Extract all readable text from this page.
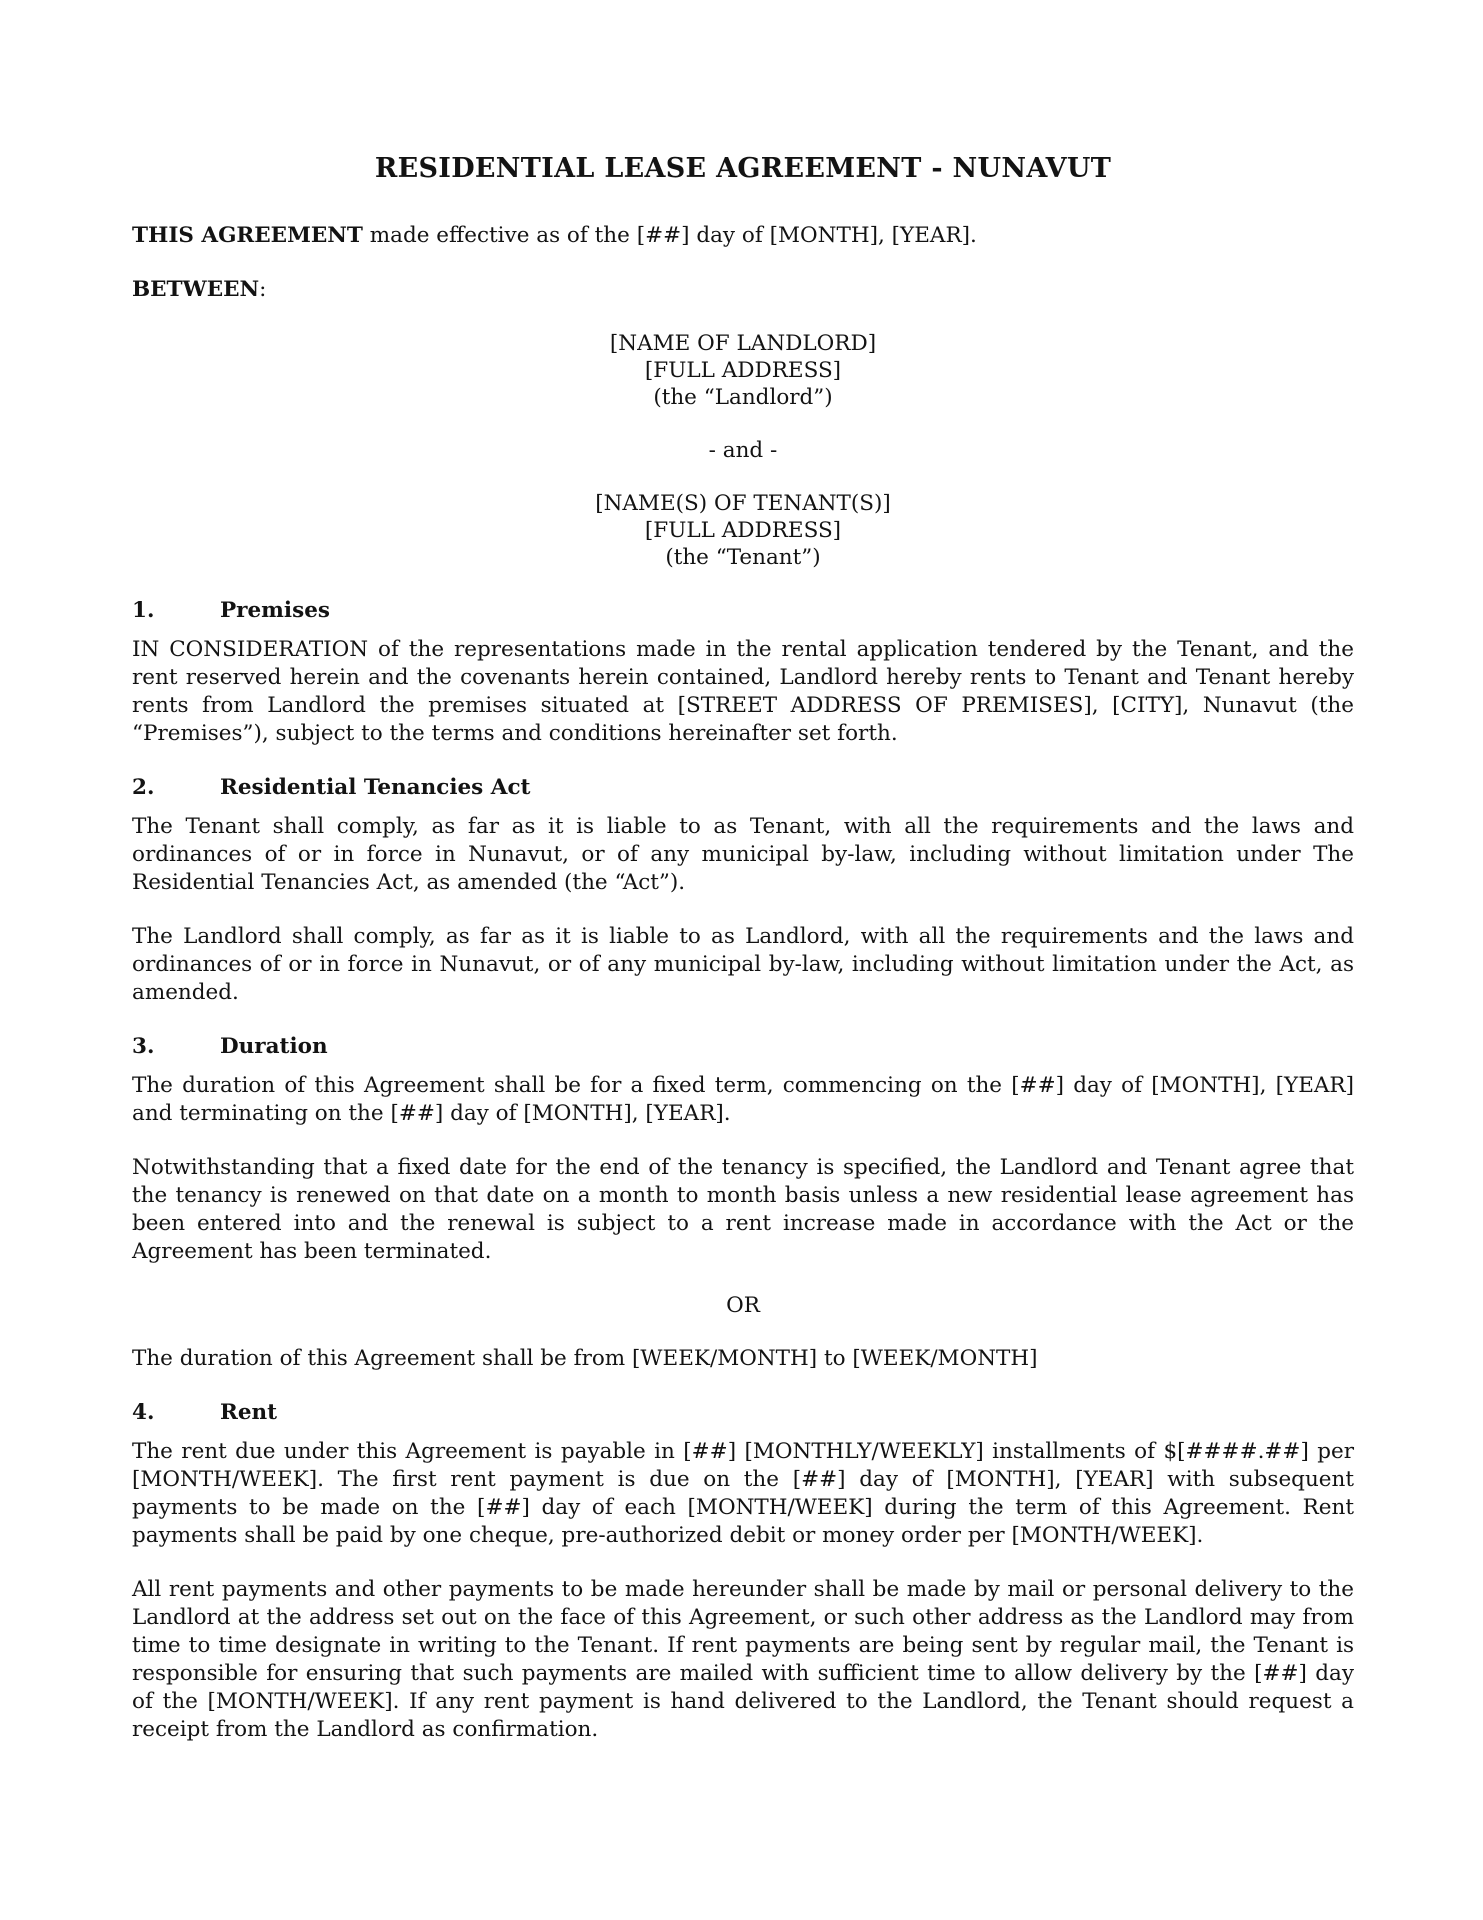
RESIDENTIAL LEASE AGREEMENT - NUNAVUT

THIS AGREEMENT made effective as of the [##] day of [MONTH], [YEAR].

BETWEEN:

[NAME OF LANDLORD]
[FULL ADDRESS]
(the “Landlord”)
- and -
[NAME(S) OF TENANT(S)]
[FULL ADDRESS]
(the “Tenant”)
1.	Premises

IN CONSIDERATION of the representations made in the rental application tendered by the Tenant, and the rent reserved herein and the covenants herein contained, Landlord hereby rents to Tenant and Tenant hereby rents from Landlord the premises situated at [STREET ADDRESS OF PREMISES], [CITY], Nunavut (the “Premises”), subject to the terms and conditions hereinafter set forth.

2.	Residential Tenancies Act

The Tenant shall comply, as far as it is liable to as Tenant, with all the requirements and the laws and ordinances of or in force in Nunavut, or of any municipal by-law, including without limitation under The Residential Tenancies Act, as amended (the “Act”).

The Landlord shall comply, as far as it is liable to as Landlord, with all the requirements and the laws and ordinances of or in force in Nunavut, or of any municipal by-law, including without limitation under the Act, as amended.

3.	Duration

The duration of this Agreement shall be for a fixed term, commencing on the [##] day of [MONTH], [YEAR] and terminating on the [##] day of [MONTH], [YEAR].

Notwithstanding that a fixed date for the end of the tenancy is specified, the Landlord and Tenant agree that the tenancy is renewed on that date on a month to month basis unless a new residential lease agreement has been entered into and the renewal is subject to a rent increase made in accordance with the Act or the Agreement has been terminated.

OR

The duration of this Agreement shall be from [WEEK/MONTH] to [WEEK/MONTH]

4.	Rent

The rent due under this Agreement is payable in [##] [MONTHLY/WEEKLY] installments of $[####.##] per [MONTH/WEEK]. The first rent payment is due on the [##] day of [MONTH], [YEAR] with subsequent payments to be made on the [##] day of each [MONTH/WEEK] during the term of this Agreement. Rent payments shall be paid by one cheque, pre-authorized debit or money order per [MONTH/WEEK].

All rent payments and other payments to be made hereunder shall be made by mail or personal delivery to the Landlord at the address set out on the face of this Agreement, or such other address as the Landlord may from time to time designate in writing to the Tenant. If rent payments are being sent by regular mail, the Tenant is responsible for ensuring that such payments are mailed with sufficient time to allow delivery by the [##] day of the [MONTH/WEEK]. If any rent payment is hand delivered to the Landlord, the Tenant should request a receipt from the Landlord as confirmation.
